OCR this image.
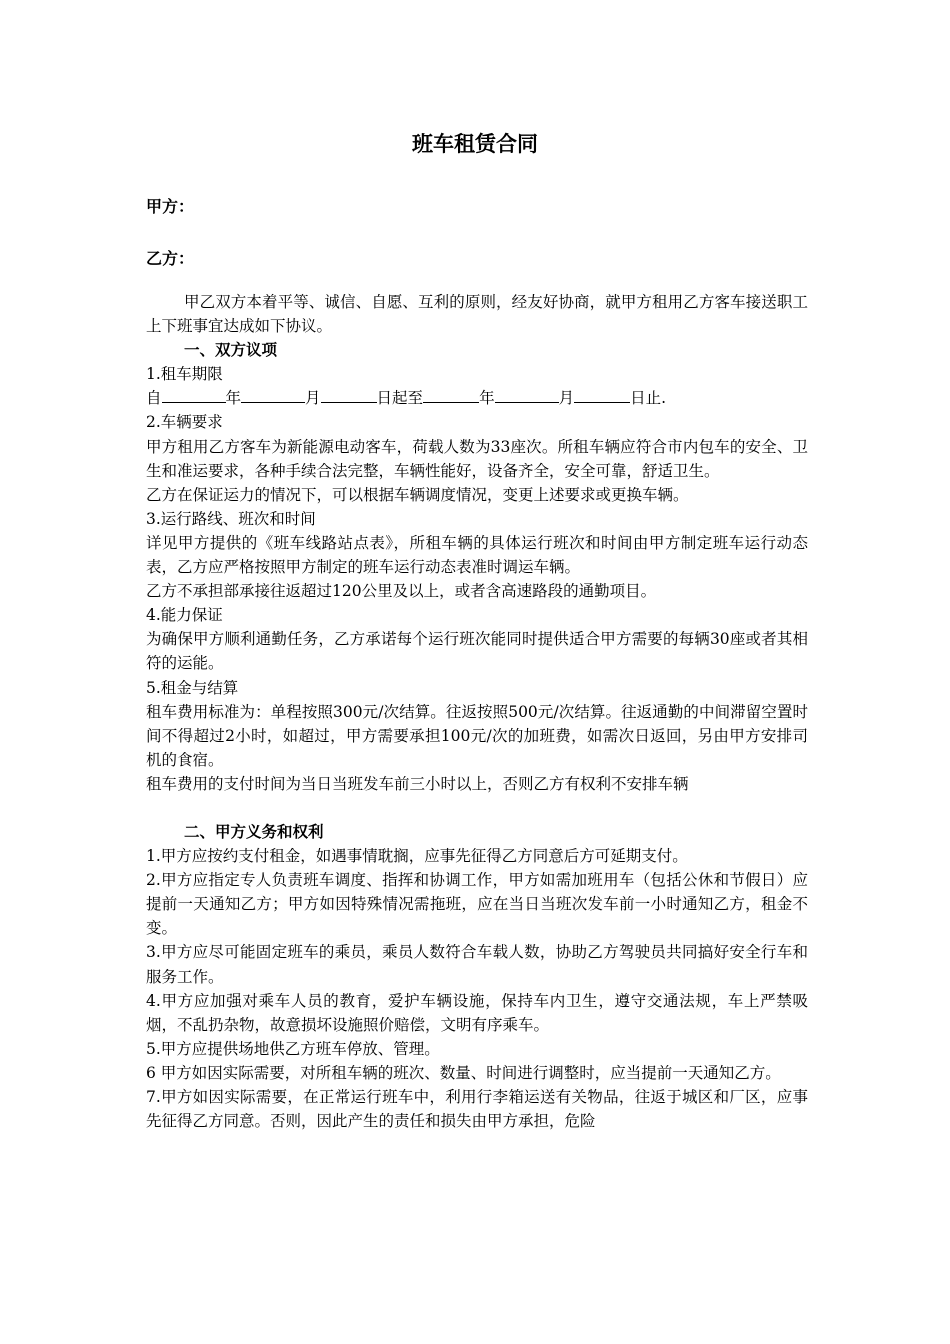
班车租赁合同
甲方：
乙方：

甲乙双方本着平等、诚信、自愿、互利的原则，经友好协商，就甲方租用乙方客车接送职工上下班事宜达成如下协议。

一、双方议项

1.租车期限

自	年	月	日起至	年	月	日止.

2.车辆要求

甲方租用乙方客车为新能源电动客车，荷载人数为33座次。所租车辆应符合市内包车的安全、卫生和准运要求，各种手续合法完整，车辆性能好，设备齐全，安全可靠，舒适卫生。

乙方在保证运力的情况下，可以根据车辆调度情况，变更上述要求或更换车辆。

3.运行路线、班次和时间

详见甲方提供的《班车线路站点表》，所租车辆的具体运行班次和时间由甲方制定班车运行动态表，乙方应严格按照甲方制定的班车运行动态表准时调运车辆。

乙方不承担部承接往返超过120公里及以上，或者含高速路段的通勤项目。

4.能力保证

为确保甲方顺利通勤任务，乙方承诺每个运行班次能同时提供适合甲方需要的每辆30座或者其相符的运能。

5.租金与结算

租车费用标准为：单程按照300元/次结算。往返按照500元/次结算。往返通勤的中间滞留空置时间不得超过2小时，如超过，甲方需要承担100元/次的加班费，如需次日返回，另由甲方安排司机的食宿。

租车费用的支付时间为当日当班发车前三小时以上，否则乙方有权利不安排车辆

二、甲方义务和权利

1.甲方应按约支付租金，如遇事情耽搁，应事先征得乙方同意后方可延期支付。

2.甲方应指定专人负责班车调度、指挥和协调工作，甲方如需加班用车（包括公休和节假日）应提前一天通知乙方；甲方如因特殊情况需拖班，应在当日当班次发车前一小时通知乙方，租金不变。

3.甲方应尽可能固定班车的乘员，乘员人数符合车载人数，协助乙方驾驶员共同搞好安全行车和服务工作。

4.甲方应加强对乘车人员的教育，爱护车辆设施，保持车内卫生，遵守交通法规，车上严禁吸烟，不乱扔杂物，故意损坏设施照价赔偿，文明有序乘车。

5.甲方应提供场地供乙方班车停放、管理。

6 甲方如因实际需要，对所租车辆的班次、数量、时间进行调整时，应当提前一天通知乙方。

7.甲方如因实际需要，在正常运行班车中，利用行李箱运送有关物品，往返于城区和厂区，应事先征得乙方同意。否则，因此产生的责任和损失由甲方承担，危险
